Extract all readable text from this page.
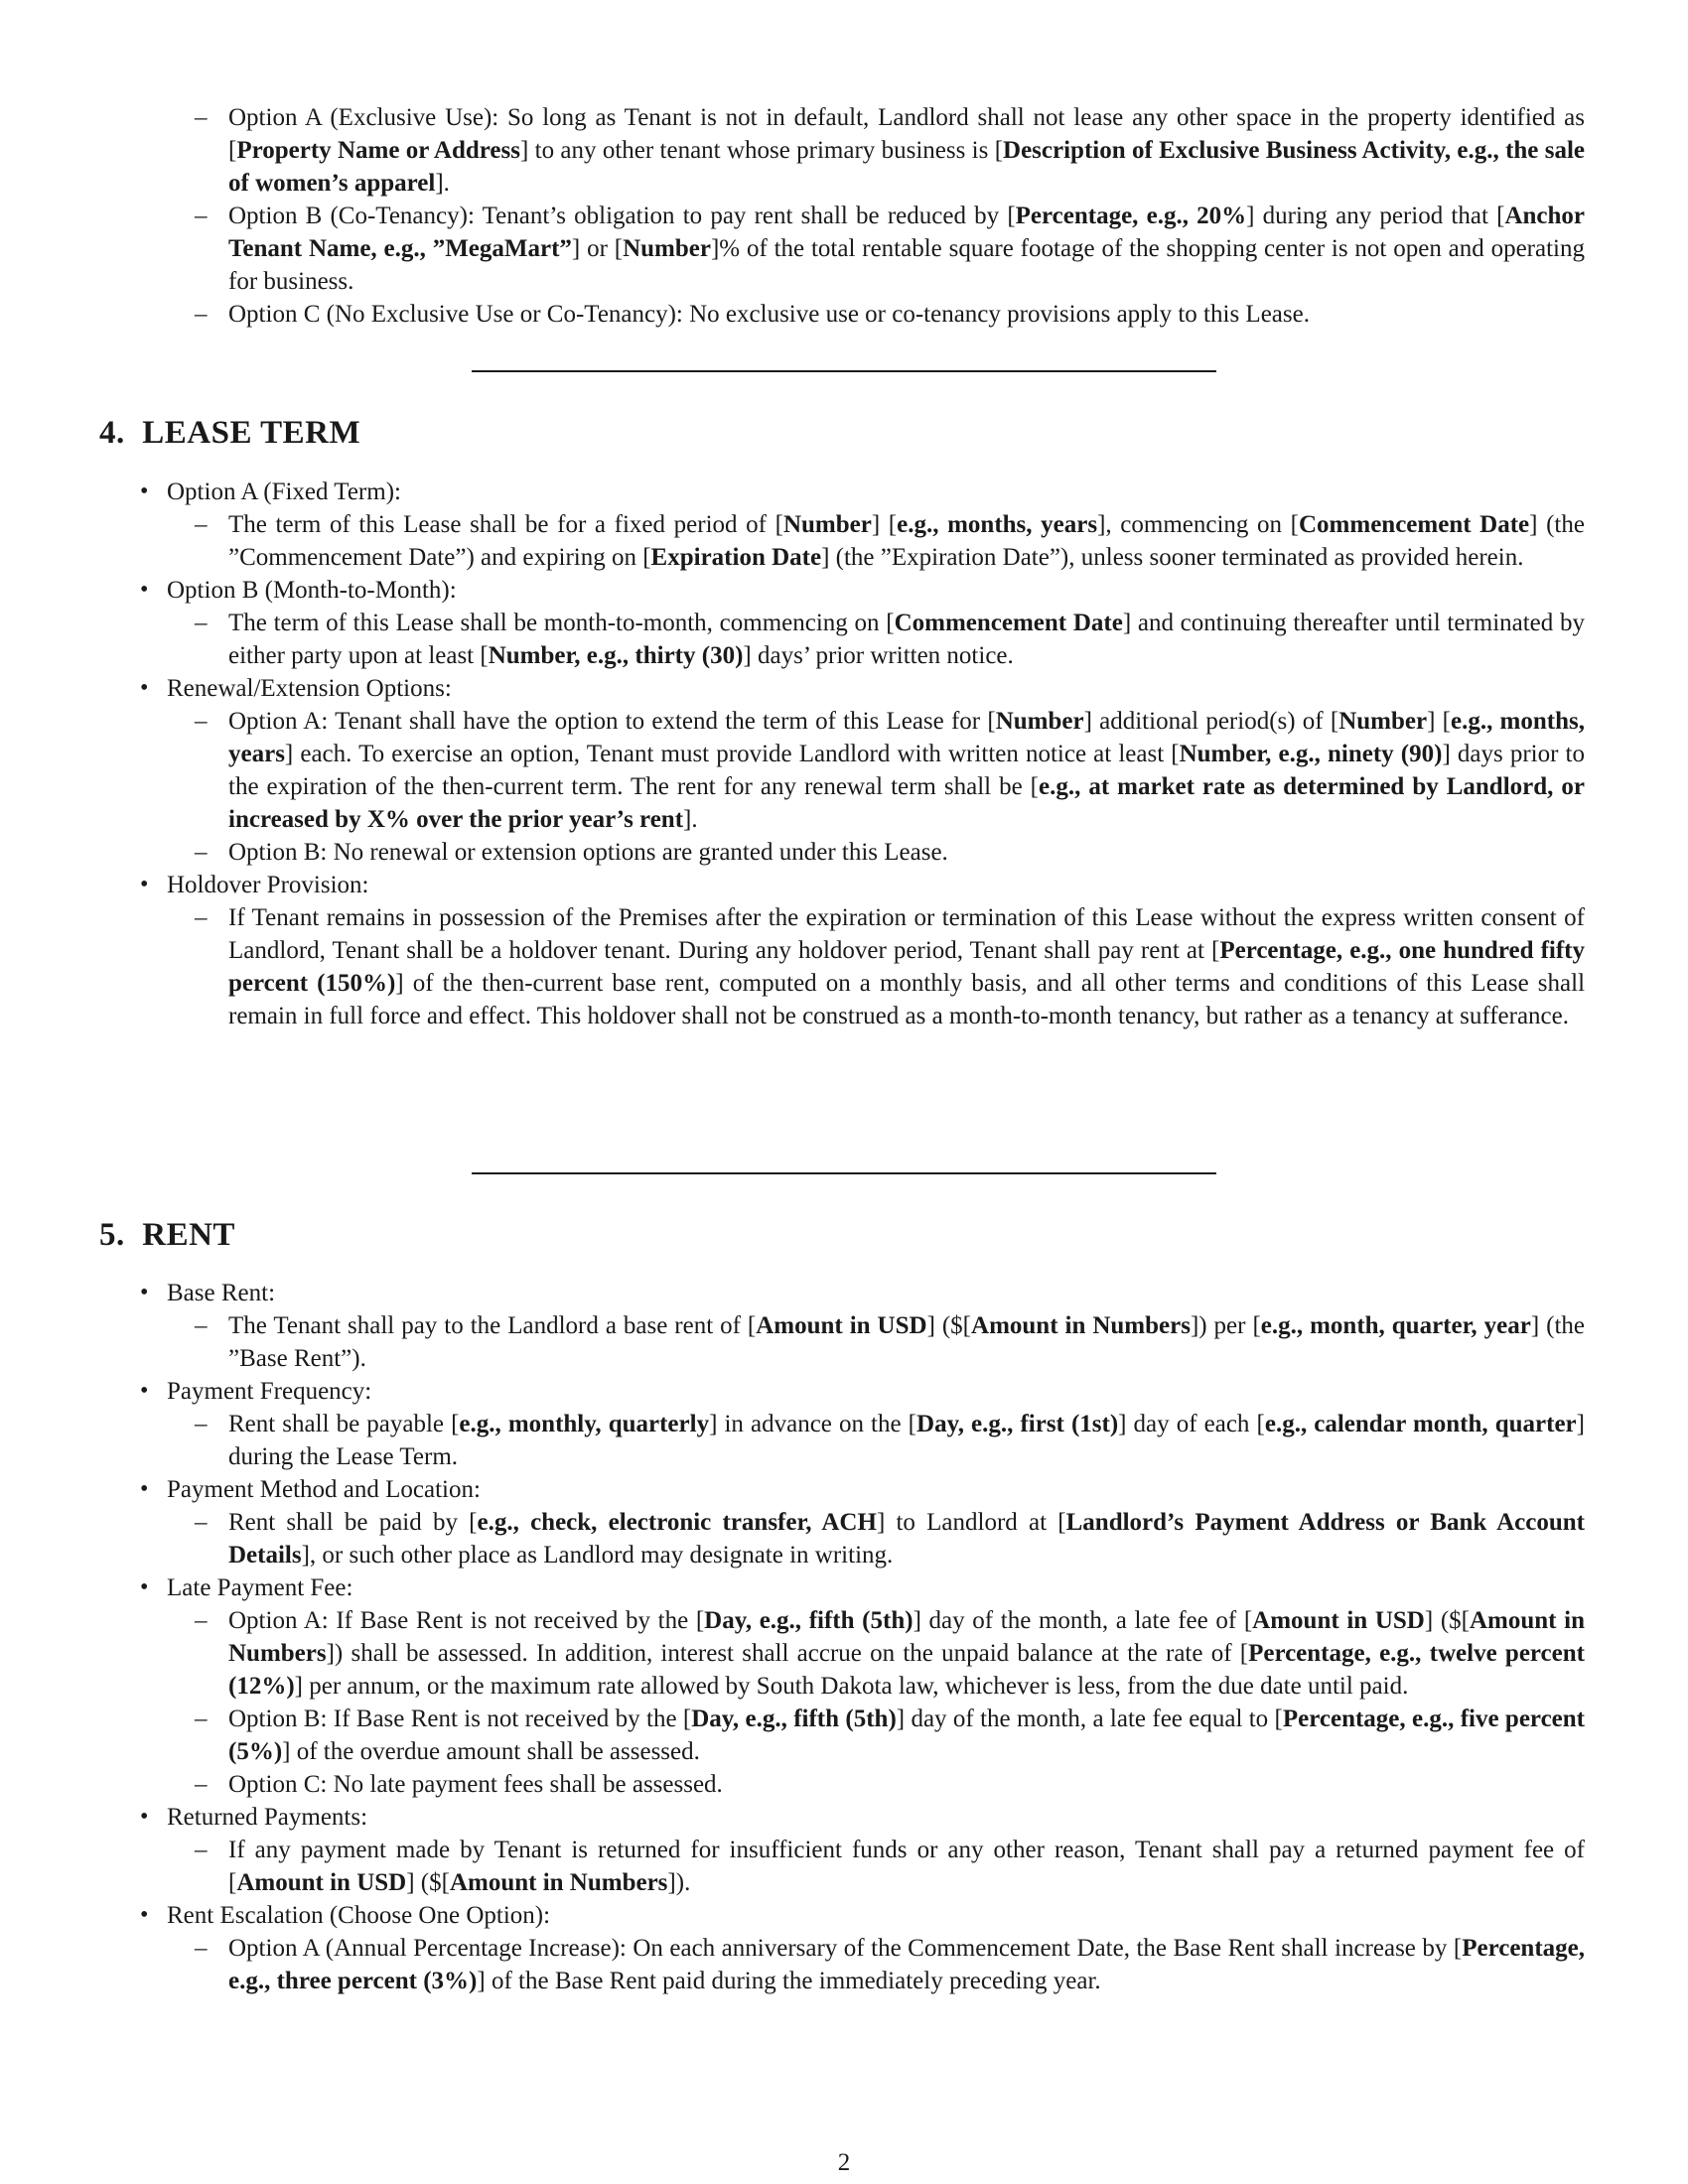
– Option A (Exclusive Use): So long as Tenant is not in default, Landlord shall not lease any other space in the property identified as [Property Name or Address] to any other tenant whose primary business is [Description of Exclusive Business Activity, e.g., the sale of women’s apparel].
– Option B (Co-Tenancy): Tenant’s obligation to pay rent shall be reduced by [Percentage, e.g., 20%] during any period that [Anchor Tenant Name, e.g., ”MegaMart”] or [Number]% of the total rentable square footage of the shopping center is not open and operating for business.
– Option C (No Exclusive Use or Co-Tenancy): No exclusive use or co-tenancy provisions apply to this Lease.
4.  LEASE TERM
• Option A (Fixed Term):
– The term of this Lease shall be for a fixed period of [Number] [e.g., months, years], commencing on [Commencement Date] (the ”Commencement Date”) and expiring on [Expiration Date] (the ”Expiration Date”), unless sooner terminated as provided herein.
• Option B (Month-to-Month):
– The term of this Lease shall be month-to-month, commencing on [Commencement Date] and continuing thereafter until terminated by either party upon at least [Number, e.g., thirty (30)] days’ prior written notice.
• Renewal/Extension Options:
– Option A: Tenant shall have the option to extend the term of this Lease for [Number] additional period(s) of [Number] [e.g., months, years] each. To exercise an option, Tenant must provide Landlord with written notice at least [Number, e.g., ninety (90)] days prior to the expiration of the then-current term. The rent for any renewal term shall be [e.g., at market rate as determined by Landlord, or increased by X% over the prior year’s rent].
– Option B: No renewal or extension options are granted under this Lease.
• Holdover Provision:
– If Tenant remains in possession of the Premises after the expiration or termination of this Lease without the express written consent of Landlord, Tenant shall be a holdover tenant. During any holdover period, Tenant shall pay rent at [Percentage, e.g., one hundred fifty percent (150%)] of the then-current base rent, computed on a monthly basis, and all other terms and conditions of this Lease shall remain in full force and effect. This holdover shall not be construed as a month-to-month tenancy, but rather as a tenancy at sufferance.
5.  RENT
• Base Rent:
– The Tenant shall pay to the Landlord a base rent of [Amount in USD] ($[Amount in Numbers]) per [e.g., month, quarter, year] (the ”Base Rent”).
• Payment Frequency:
– Rent shall be payable [e.g., monthly, quarterly] in advance on the [Day, e.g., first (1st)] day of each [e.g., calendar month, quarter] during the Lease Term.
• Payment Method and Location:
– Rent shall be paid by [e.g., check, electronic transfer, ACH] to Landlord at [Landlord’s Payment Address or Bank Account Details], or such other place as Landlord may designate in writing.
• Late Payment Fee:
– Option A: If Base Rent is not received by the [Day, e.g., fifth (5th)] day of the month, a late fee of [Amount in USD] ($[Amount in Numbers]) shall be assessed. In addition, interest shall accrue on the unpaid balance at the rate of [Percentage, e.g., twelve percent (12%)] per annum, or the maximum rate allowed by South Dakota law, whichever is less, from the due date until paid.
– Option B: If Base Rent is not received by the [Day, e.g., fifth (5th)] day of the month, a late fee equal to [Percentage, e.g., five percent (5%)] of the overdue amount shall be assessed.
– Option C: No late payment fees shall be assessed.
• Returned Payments:
– If any payment made by Tenant is returned for insufficient funds or any other reason, Tenant shall pay a returned payment fee of [Amount in USD] ($[Amount in Numbers]).
• Rent Escalation (Choose One Option):
– Option A (Annual Percentage Increase): On each anniversary of the Commencement Date, the Base Rent shall increase by [Percentage, e.g., three percent (3%)] of the Base Rent paid during the immediately preceding year.
2
